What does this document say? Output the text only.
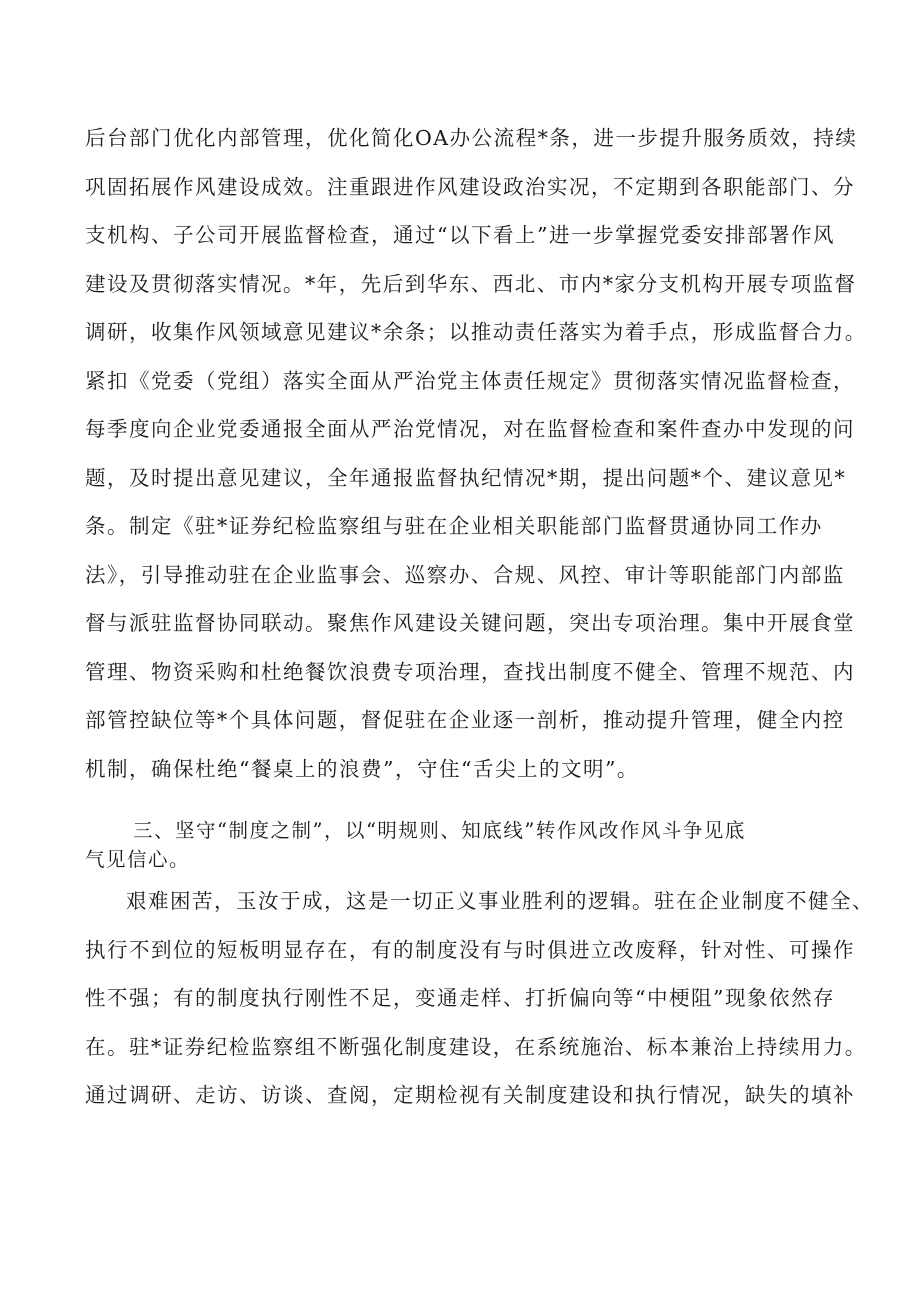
后台部门优化内部管理，优化简化OA办公流程*条，进一步提升服务质效，持续
巩固拓展作风建设成效。注重跟进作风建设政治实况，不定期到各职能部门、分
支机构、子公司开展监督检查，通过“以下看上”进一步掌握党委安排部署作风
建设及贯彻落实情况。*年，先后到华东、西北、市内*家分支机构开展专项监督
调研，收集作风领域意见建议*余条；以推动责任落实为着手点，形成监督合力。
紧扣《党委（党组）落实全面从严治党主体责任规定》贯彻落实情况监督检查，
每季度向企业党委通报全面从严治党情况，对在监督检查和案件查办中发现的问
题，及时提出意见建议，全年通报监督执纪情况*期，提出问题*个、建议意见*
条。制定《驻*证券纪检监察组与驻在企业相关职能部门监督贯通协同工作办
法》，引导推动驻在企业监事会、巡察办、合规、风控、审计等职能部门内部监
督与派驻监督协同联动。聚焦作风建设关键问题，突出专项治理。集中开展食堂
管理、物资采购和杜绝餐饮浪费专项治理，查找出制度不健全、管理不规范、内
部管控缺位等*个具体问题，督促驻在企业逐一剖析，推动提升管理，健全内控
机制，确保杜绝“餐桌上的浪费”，守住“舌尖上的文明”。
三、坚守“制度之制”，以“明规则、知底线”转作风改作风斗争见底
气见信心。
艰难困苦，玉汝于成，这是一切正义事业胜利的逻辑。驻在企业制度不健全、
执行不到位的短板明显存在，有的制度没有与时俱进立改废释，针对性、可操作
性不强；有的制度执行刚性不足，变通走样、打折偏向等“中梗阻”现象依然存
在。驻*证券纪检监察组不断强化制度建设，在系统施治、标本兼治上持续用力。
通过调研、走访、访谈、查阅，定期检视有关制度建设和执行情况，缺失的填补
